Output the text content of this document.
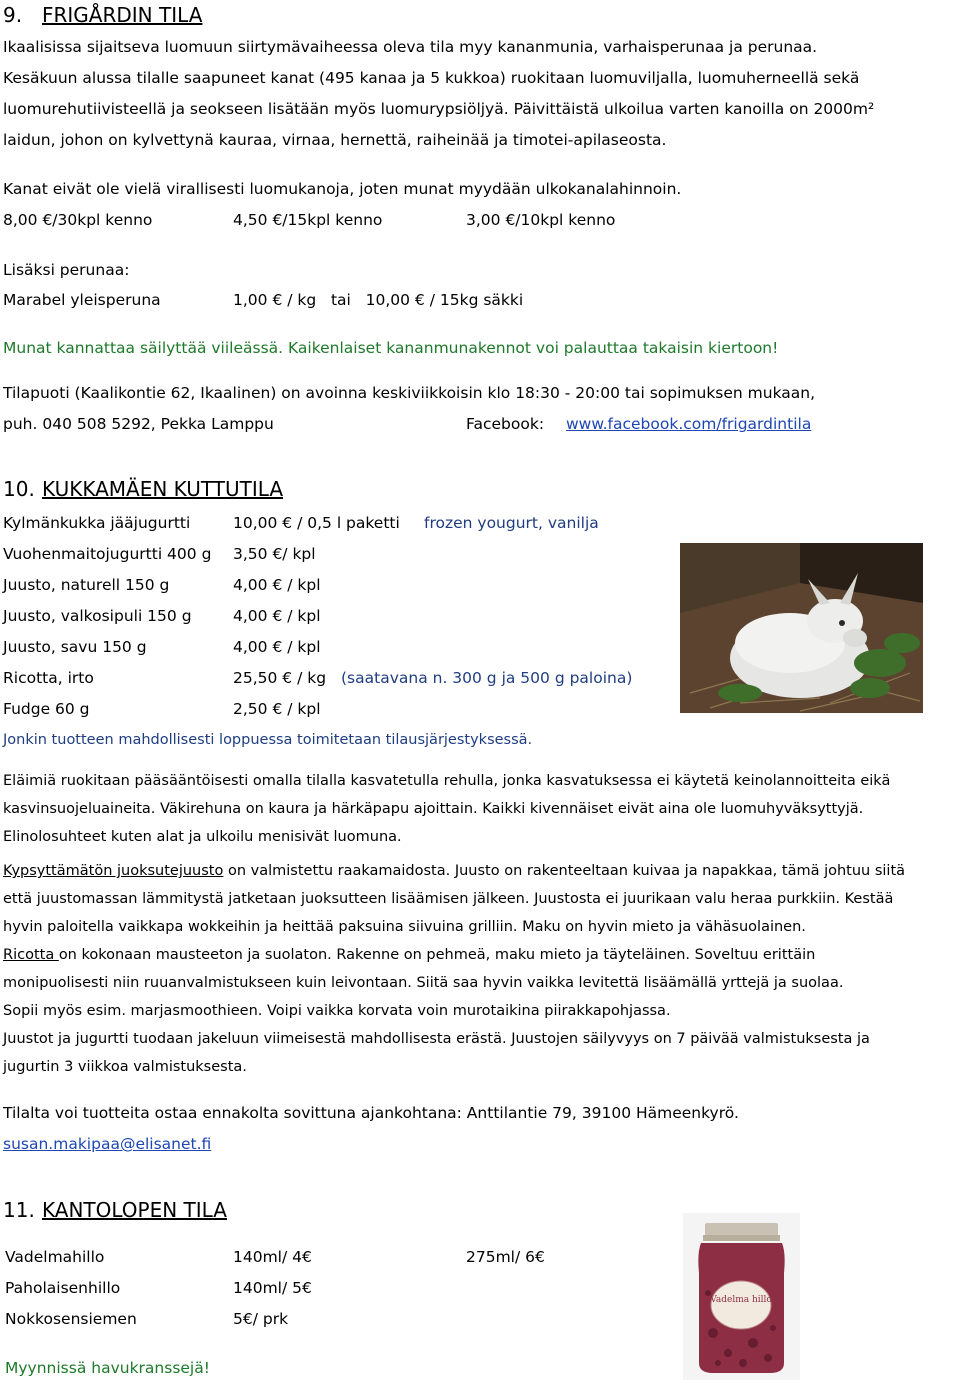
9. FRIGÅRDIN TILA
Ikaalisissa sijaitseva luomuun siirtymävaiheessa oleva tila myy kananmunia, varhaisperunaa ja perunaa.
Kesäkuun alussa tilalle saapuneet kanat (495 kanaa ja 5 kukkoa) ruokitaan luomuviljalla, luomuherneellä sekä
luomurehutiivisteellä ja seokseen lisätään myös luomurypsiöljyä. Päivittäistä ulkoilua varten kanoilla on 2000m²
laidun, johon on kylvettynä kauraa, virnaa, hernettä, raiheinää ja timotei-apilaseosta.
Kanat eivät ole vielä virallisesti luomukanoja, joten munat myydään ulkokanalahinnoin.
8,00 €/30kpl kenno	4,50 €/15kpl kenno	3,00 €/10kpl kenno
Lisäksi perunaa:
Marabel yleisperuna	1,00 € / kg   tai   10,00 € / 15kg säkki
Munat kannattaa säilyttää viileässä. Kaikenlaiset kananmunakennot voi palauttaa takaisin kiertoon!
Tilapuoti (Kaalikontie 62, Ikaalinen) on avoinna keskiviikkoisin klo 18:30 - 20:00 tai sopimuksen mukaan,
puh. 040 508 5292, Pekka Lamppu	Facebook: www.facebook.com/frigardintila
10. KUKKAMÄEN KUTTUTILA
Kylmänkukka jääjugurtti	10,00 € / 0,5 l paketti frozen yougurt, vanilja
Vuohenmaitojugurtti 400 g 3,50 €/ kpl
Juusto, naturell 150 g	4,00 € / kpl
Juusto, valkosipuli 150 g	4,00 € / kpl
Juusto, savu 150 g	4,00 € / kpl
Ricotta, irto	25,50 € / kg (saatavana n. 300 g ja 500 g paloina)
Fudge 60 g	2,50 € / kpl
Jonkin tuotteen mahdollisesti loppuessa toimitetaan tilausjärjestyksessä.
Eläimiä ruokitaan pääsääntöisesti omalla tilalla kasvatetulla rehulla, jonka kasvatuksessa ei käytetä keinolannoitteita eikä
kasvinsuojeluaineita. Väkirehuna on kaura ja härkäpapu ajoittain. Kaikki kivennäiset eivät aina ole luomuhyväksyttyjä.
Elinolosuhteet kuten alat ja ulkoilu menisivät luomuna.
Kypsyttämätön juoksutejuusto on valmistettu raakamaidosta. Juusto on rakenteeltaan kuivaa ja napakkaa, tämä johtuu siitä
että juustomassan lämmitystä jatketaan juoksutteen lisäämisen jälkeen. Juustosta ei juurikaan valu heraa purkkiin. Kestää
hyvin paloitella vaikkapa wokkeihin ja heittää paksuina siivuina grilliin. Maku on hyvin mieto ja vähäsuolainen.
Ricotta on kokonaan mausteeton ja suolaton. Rakenne on pehmeä, maku mieto ja täyteläinen. Soveltuu erittäin
monipuolisesti niin ruuanvalmistukseen kuin leivontaan. Siitä saa hyvin vaikka levitettä lisäämällä yrttejä ja suolaa.
Sopii myös esim. marjasmoothieen. Voipi vaikka korvata voin murotaikina piirakkapohjassa.
Juustot ja jugurtti tuodaan jakeluun viimeisestä mahdollisesta erästä. Juustojen säilyvyys on 7 päivää valmistuksesta ja
jugurtin 3 viikkoa valmistuksesta.
Tilalta voi tuotteita ostaa ennakolta sovittuna ajankohtana: Anttilantie 79, 39100 Hämeenkyrö.
susan.makipaa@elisanet.fi
11. KANTOLOPEN TILA
Vadelmahillo	140ml/ 4€	275ml/ 6€
Paholaisenhillo	140ml/ 5€
Nokkosensiemen	5€/ prk
Myynnissä havukranssejä!
Vadelma hillo
